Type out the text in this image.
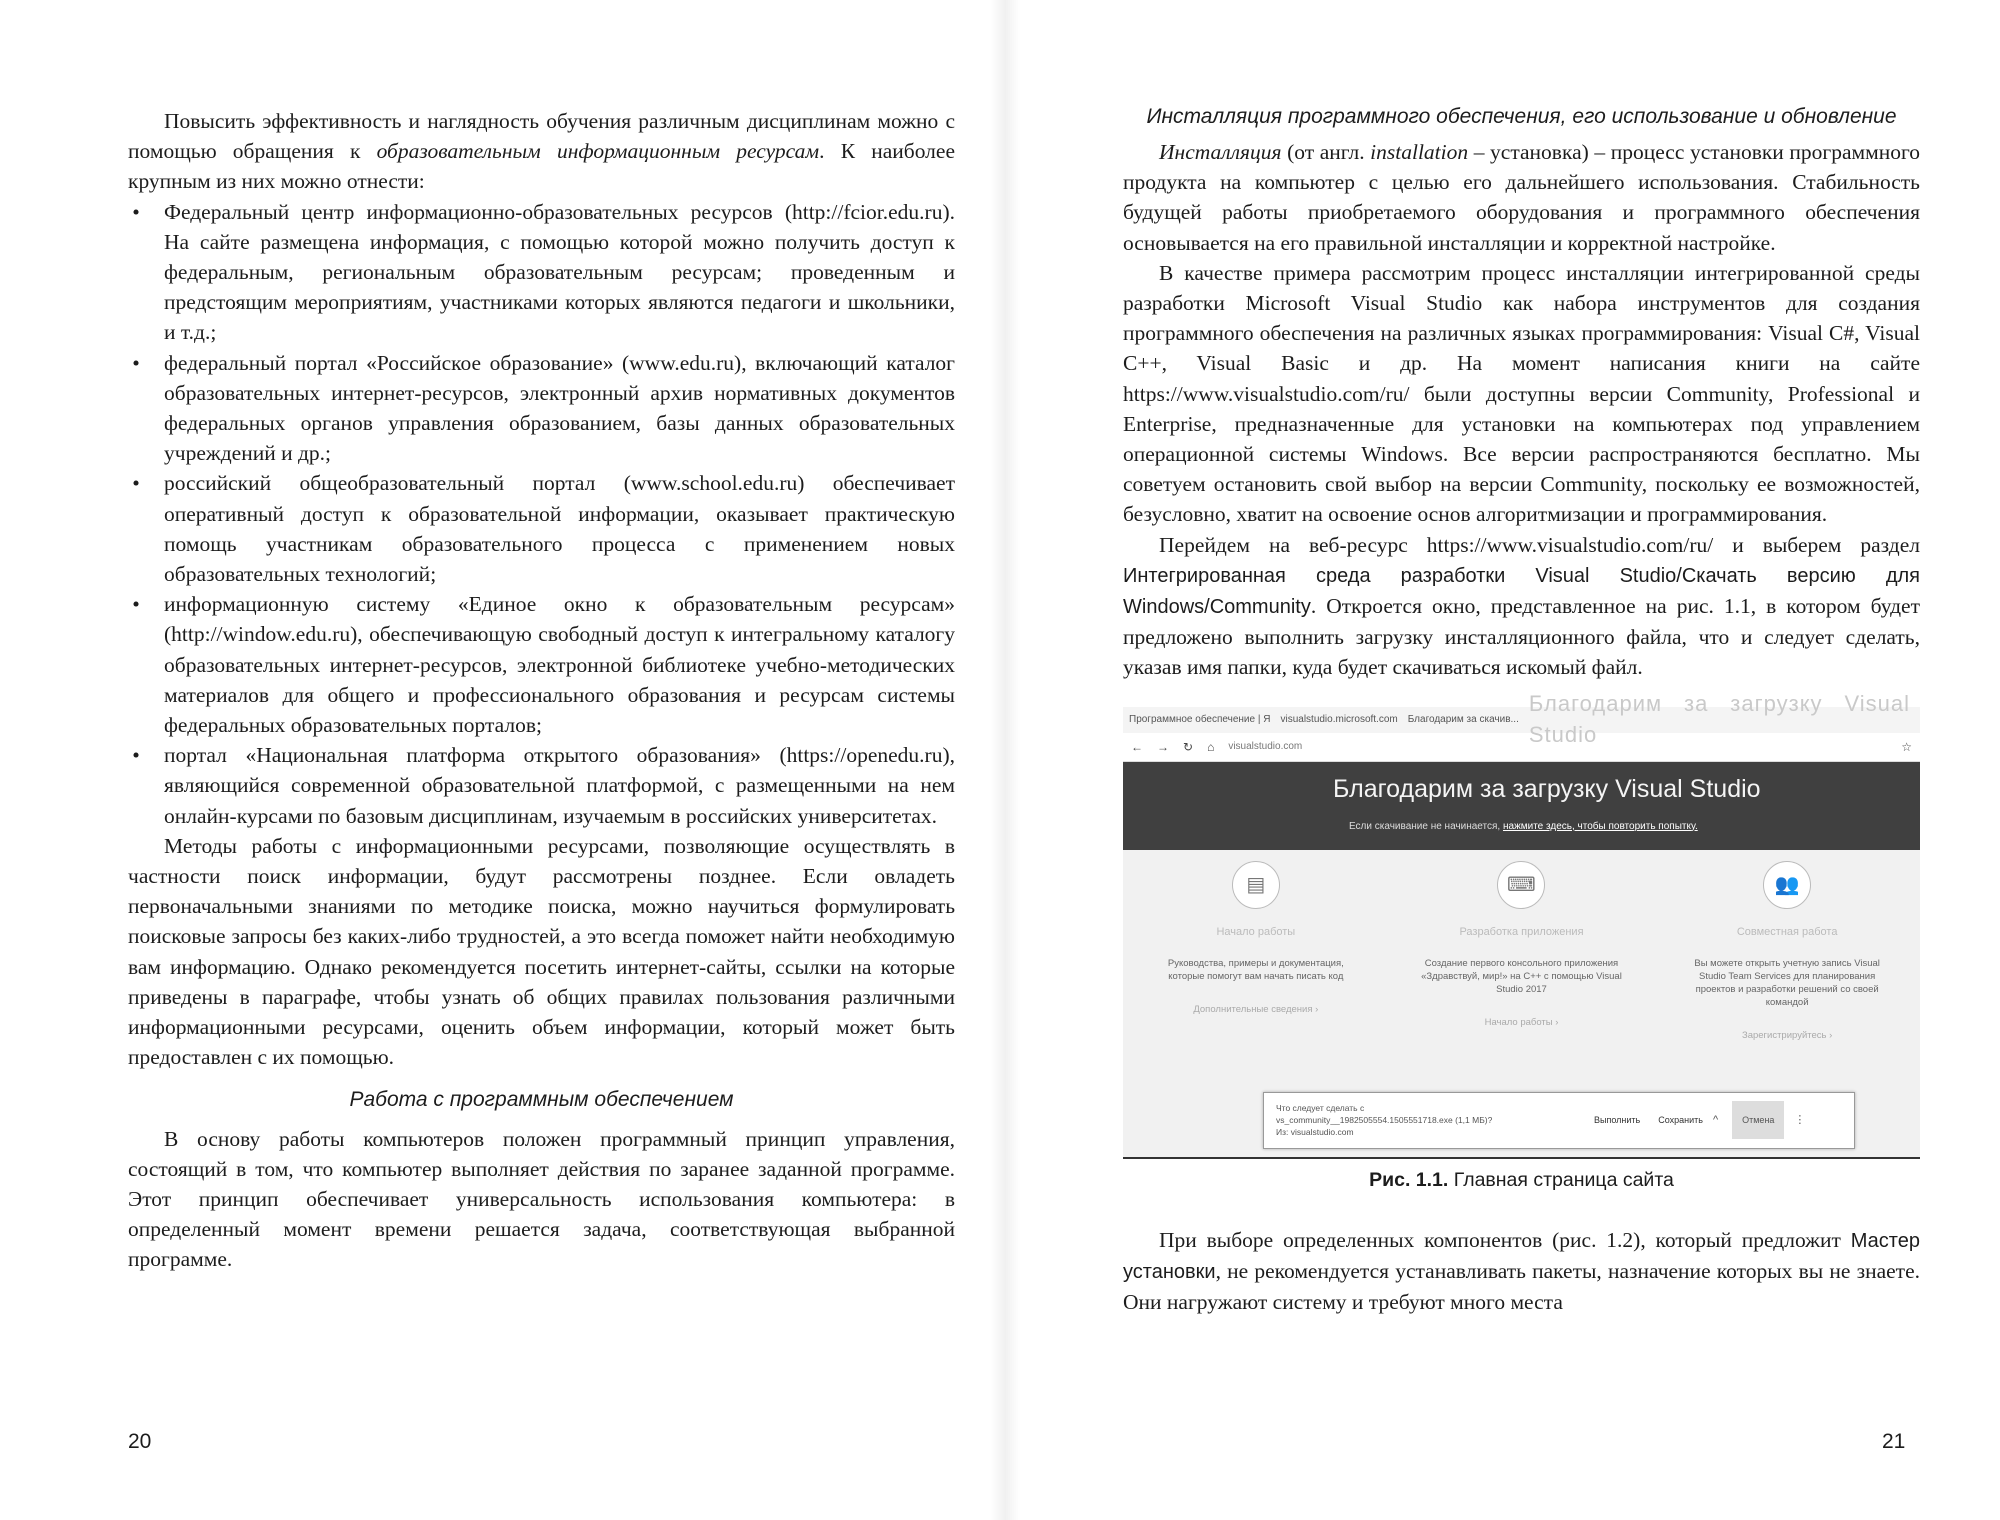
Повысить эффективность и наглядность обучения различным дисциплинам можно с помощью обращения к образовательным информационным ресурсам. К наиболее крупным из них можно отнести:

• Федеральный центр информационно-образовательных ресурсов (http://fcior.edu.ru). На сайте размещена информация, с помощью которой можно получить доступ к федеральным, региональным образовательным ресурсам; проведенным и предстоящим мероприятиям, участниками которых являются педагоги и школьники, и т.д.;
• федеральный портал «Российское образование» (www.edu.ru), включающий каталог образовательных интернет-ресурсов, электронный архив нормативных документов федеральных органов управления образованием, базы данных образовательных учреждений и др.;
• российский общеобразовательный портал (www.school.edu.ru) обеспечивает оперативный доступ к образовательной информации, оказывает практическую помощь участникам образовательного процесса с применением новых образовательных технологий;
• информационную систему «Единое окно к образовательным ресурсам» (http://window.edu.ru), обеспечивающую свободный доступ к интегральному каталогу образовательных интернет-ресурсов, электронной библиотеке учебно-методических материалов для общего и профессионального образования и ресурсам системы федеральных образовательных порталов;
• портал «Национальная платформа открытого образования» (https://openedu.ru), являющийся современной образовательной платформой, с размещенными на нем онлайн-курсами по базовым дисциплинам, изучаемым в российских университетах.

Методы работы с информационными ресурсами, позволяющие осуществлять в частности поиск информации, будут рассмотрены позднее. Если овладеть первоначальными знаниями по методике поиска, можно научиться формулировать поисковые запросы без каких-либо трудностей, а это всегда поможет найти необходимую вам информацию. Однако рекомендуется посетить интернет-сайты, ссылки на которые приведены в параграфе, чтобы узнать об общих правилах пользования различными информационными ресурсами, оценить объем информации, который может быть предоставлен с их помощью.

Работа с программным обеспечением

В основу работы компьютеров положен программный принцип управления, состоящий в том, что компьютер выполняет действия по заранее заданной программе. Этот принцип обеспечивает универсальность использования компьютера: в определенный момент времени решается задача, соответствующая выбранной программе.

20
Инсталляция программного обеспечения, его использование и обновление

Инсталляция (от англ. installation – установка) – процесс установки программного продукта на компьютер с целью его дальнейшего использования. Стабильность будущей работы приобретаемого оборудования и программного обеспечения основывается на его правильной инсталляции и корректной настройке.

В качестве примера рассмотрим процесс инсталляции интегрированной среды разработки Microsoft Visual Studio как набора инструментов для создания программного обеспечения на различных языках программирования: Visual C#, Visual C++, Visual Basic и др. На момент написания книги на сайте https://www.visualstudio.com/ru/ были доступны версии Community, Professional и Enterprise, предназначенные для установки на компьютерах под управлением операционной системы Windows. Все версии распространяются бесплатно. Мы советуем остановить свой выбор на версии Community, поскольку ее возможностей, безусловно, хватит на освоение основ алгоритмизации и программирования.

Перейдем на веб-ресурс https://www.visualstudio.com/ru/ и выберем раздел Интегрированная среда разработки Visual Studio/Скачать версию для Windows/Community. Откроется окно, представленное на рис. 1.1, в котором будет предложено выполнить загрузку инсталляционного файла, что и следует сделать, указав имя папки, куда будет скачиваться искомый файл.

Программное обеспечение | Я visualstudio.microsoft.com Благодарим за скачив...
Благодарим за загрузку Visual Studio
← → ↻ ⌂ visualstudio.com	☆
Благодарим за загрузку Visual Studio
Если скачивание не начинается, нажмите здесь, чтобы повторить попытку.
▤
Начало работы
Руководства, примеры и документация, которые помогут вам начать писать код
Дополнительные сведения ›
⌨
Разработка приложения
Создание первого консольного приложения «Здравствуй, мир!» на C++ с помощью Visual Studio 2017
Начало работы ›
👥
Совместная работа
Вы можете открыть учетную запись Visual Studio Team Services для планирования проектов и разработки решений со своей командой
Зарегистрируйтесь ›
Что следует сделать с
vs_community__1982505554.1505551718.exe (1,1 МБ)?
Из: visualstudio.com
Выполнить Сохранить ^	Отмена	⋮
Рис. 1.1. Главная страница сайта

При выборе определенных компонентов (рис. 1.2), который предложит Мастер установки, не рекомендуется устанавливать пакеты, назначение которых вы не знаете. Они нагружают систему и требуют много места

21
